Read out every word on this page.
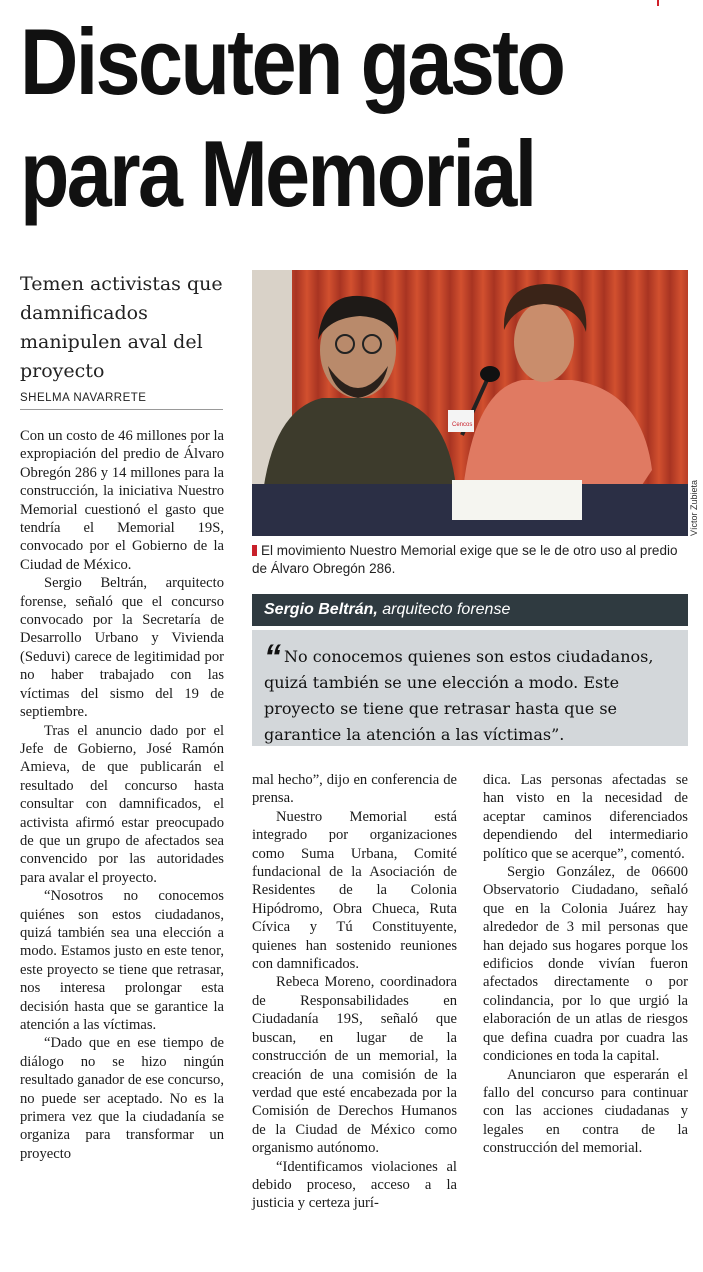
Discuten gasto
para Memorial
Temen activistas que damnificados manipulen aval del proyecto
SHELMA NAVARRETE
Cencos
Víctor Zubieta
El movimiento Nuestro Memorial exige que se le de otro uso al predio de Álvaro Obregón 286.
Sergio Beltrán, arquitecto forense
“ No conocemos quienes son estos ciudadanos, quizá también se une elección a modo. Este proyecto se tiene que retrasar hasta que se garantice la atención a las víctimas”.

Con un costo de 46 millones por la expropiación del predio de Álvaro Obregón 286 y 14 millones para la construcción, la iniciativa Nuestro Memorial cuestionó el gasto que tendría el Memorial 19S, convocado por el Gobierno de la Ciudad de México.

Sergio Beltrán, arquitecto forense, señaló que el concurso convocado por la Secretaría de Desarrollo Urbano y Vivienda (Seduvi) carece de legitimidad por no haber trabajado con las víctimas del sismo del 19 de septiembre.

Tras el anuncio dado por el Jefe de Gobierno, José Ramón Amieva, de que publicarán el resultado del concurso hasta consultar con damnificados, el activista afirmó estar preocupado de que un grupo de afectados sea convencido por las autoridades para avalar el proyecto.

“Nosotros no conocemos quiénes son estos ciudadanos, quizá también sea una elección a modo. Estamos justo en este tenor, este proyecto se tiene que retrasar, nos interesa prolongar esta decisión hasta que se garantice la atención a las víctimas.

“Dado que en ese tiempo de diálogo no se hizo ningún resultado ganador de ese concurso, no puede ser aceptado. No es la primera vez que la ciudadanía se organiza para transformar un proyecto

mal hecho”, dijo en conferencia de prensa.

Nuestro Memorial está integrado por organizaciones como Suma Urbana, Comité fundacional de la Asociación de Residentes de la Colonia Hipódromo, Obra Chueca, Ruta Cívica y Tú Constituyente, quienes han sostenido reuniones con damnificados.

Rebeca Moreno, coordinadora de Responsabilidades en Ciudadanía 19S, señaló que buscan, en lugar de la construcción de un memorial, la creación de una comisión de la verdad que esté encabezada por la Comisión de Derechos Humanos de la Ciudad de México como organismo autónomo.

“Identificamos violaciones al debido proceso, acceso a la justicia y certeza jurí-

dica. Las personas afectadas se han visto en la necesidad de aceptar caminos diferenciados dependiendo del intermediario político que se acerque”, comentó.

Sergio González, de 06600 Observatorio Ciudadano, señaló que en la Colonia Juárez hay alrededor de 3 mil personas que han dejado sus hogares porque los edificios donde vivían fueron afectados directamente o por colindancia, por lo que urgió la elaboración de un atlas de riesgos que defina cuadra por cuadra las condiciones en toda la capital.

Anunciaron que esperarán el fallo del concurso para continuar con las acciones ciudadanas y legales en contra de la construcción del memorial.
